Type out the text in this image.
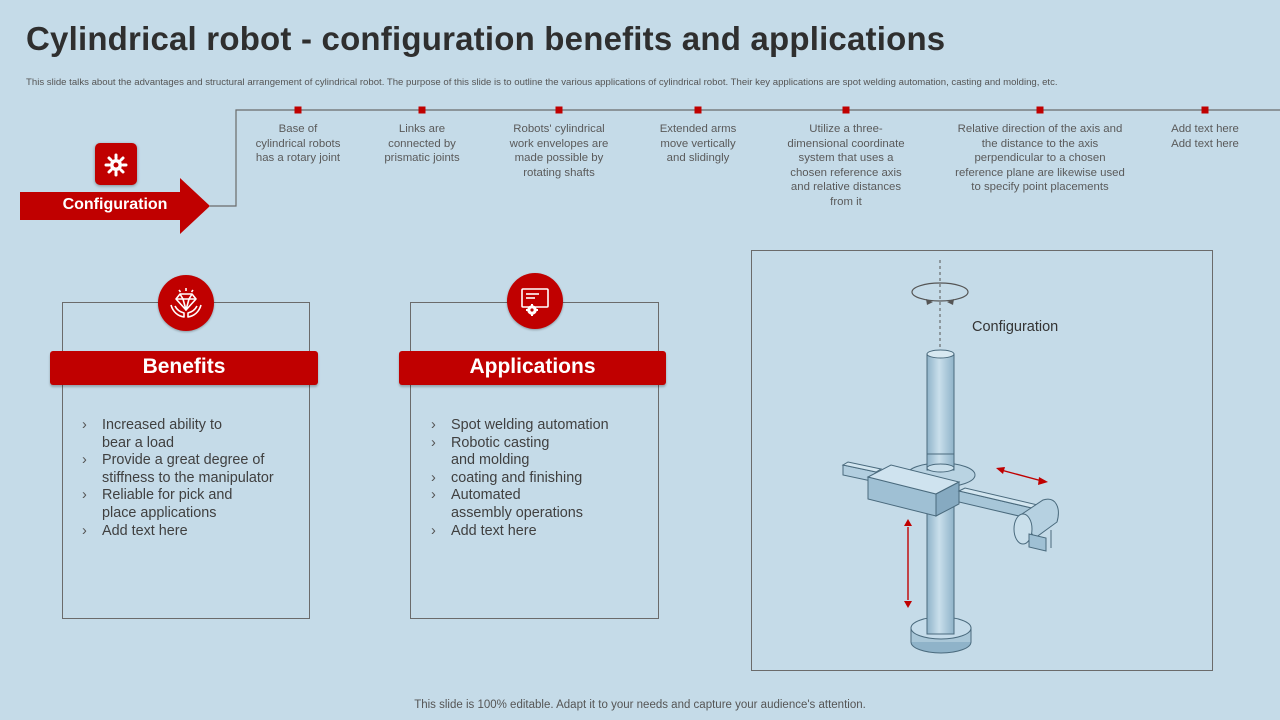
Cylindrical robot - configuration benefits and applications
This slide talks about the advantages and structural arrangement of cylindrical robot. The purpose of this slide is to outline the various applications of cylindrical robot. Their key applications are spot welding automation, casting and molding, etc.
Configuration
Base of
cylindrical robots
has a rotary joint
Links are
connected by
prismatic joints
Robots' cylindrical
work envelopes are
made possible by
rotating shafts
Extended arms
move vertically
and slidingly
Utilize a three-
dimensional coordinate
system that uses a
chosen reference axis
and relative distances
from it
Relative direction of the axis and
the distance to the axis
perpendicular to a chosen
reference plane are likewise used
to specify point placements
Add text here
Add text here
Benefits
› Increased ability to
bear a load
› Provide a great degree of
stiffness to the manipulator
› Reliable for pick and
place applications
› Add text here
Applications
› Spot welding automation
› Robotic casting
and molding
› coating and finishing
› Automated
assembly operations
› Add text here
Configuration
This slide is 100% editable. Adapt it to your needs and capture your audience's attention.
